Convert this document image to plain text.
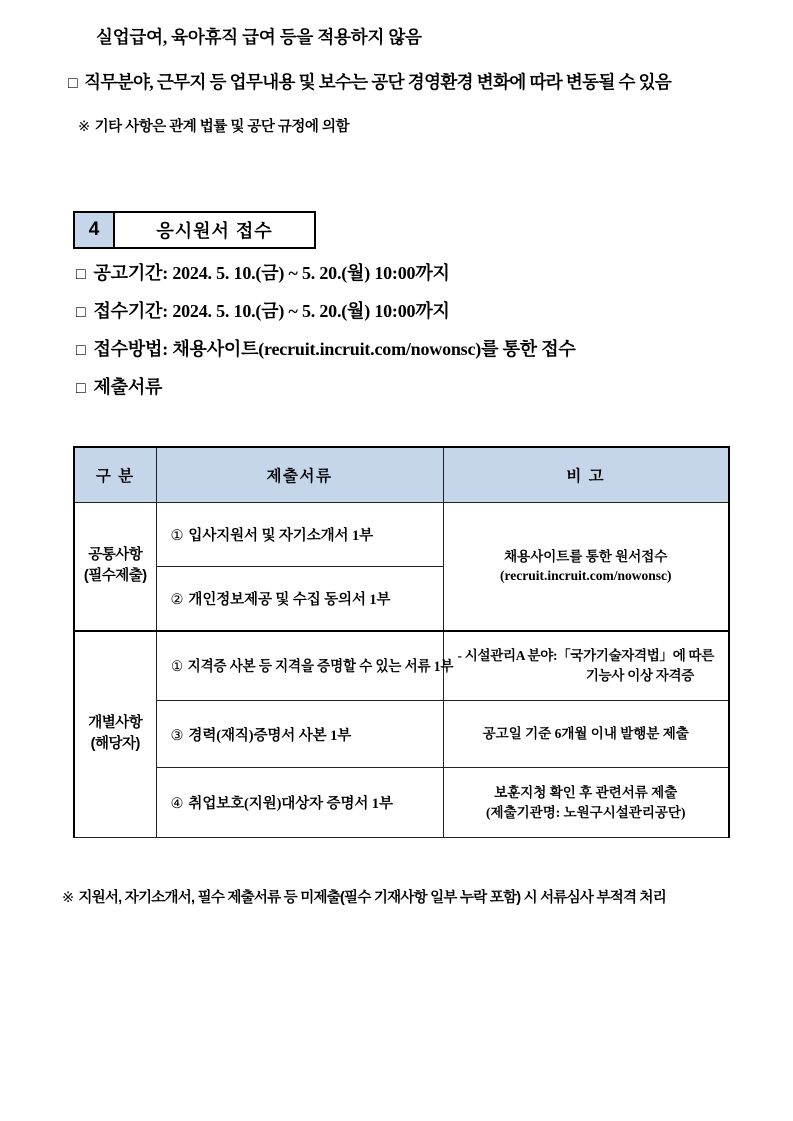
실업급여, 육아휴직 급여 등을 적용하지 않음

□ 직무분야, 근무지 등 업무내용 및 보수는 공단 경영환경 변화에 따라 변동될 수 있음

※ 기타 사항은 관계 법률 및 공단 규정에 의함

4	응시원서 접수

□ 공고기간: 2024. 5. 10.(금) ~ 5. 20.(월) 10:00까지

□ 접수기간: 2024. 5. 10.(금) ~ 5. 20.(월) 10:00까지

□ 접수방법: 채용사이트(recruit.incruit.com/nowonsc)를 통한 접수

□ 제출서류

구 분	제출서류	비 고
공통사항
(필수제출)	① 입사지원서 및 자기소개서 1부	채용사이트를 통한 원서접수
(recruit.incruit.com/nowonsc)
	② 개인정보제공 및 수집 동의서 1부	
개별사항
(해당자)	① 지격증 사본 등 지격을 증명할 수 있는 서류 1부	- 시설관리A 분야:「국가기술자격법」에 따른
기능사 이상 자격증

	③ 경력(재직)증명서 사본 1부	공고일 기준 6개월 이내 발행분 제출
	④ 취업보호(지원)대상자 증명서 1부	보훈지청 확인 후 관련서류 제출
(제출기관명: 노원구시설관리공단)
※ 지원서, 자기소개서, 필수 제출서류 등 미제출(필수 기재사항 일부 누락 포함) 시 서류심사 부적격 처리
